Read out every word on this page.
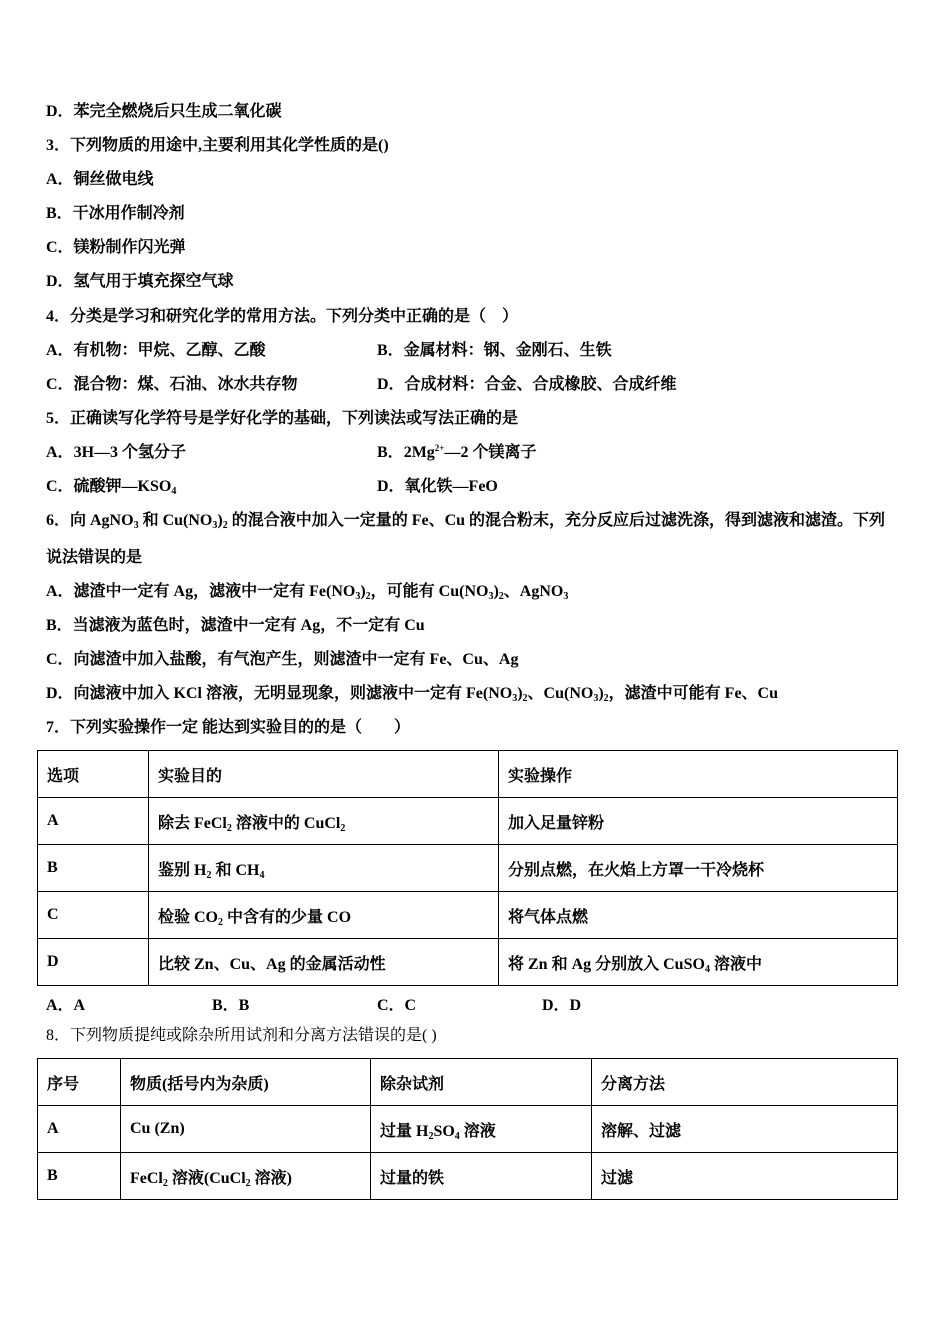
D．苯完全燃烧后只生成二氧化碳
3．下列物质的用途中,主要利用其化学性质的是()
A．铜丝做电线
B．干冰用作制冷剂
C．镁粉制作闪光弹
D．氢气用于填充探空气球
4．分类是学习和研究化学的常用方法。下列分类中正确的是（　）
A．有机物：甲烷、乙醇、乙酸	B．金属材料：钢、金刚石、生铁
C．混合物：煤、石油、冰水共存物	D．合成材料：合金、合成橡胶、合成纤维
5．正确读写化学符号是学好化学的基础，下列读法或写法正确的是
A．3H—3 个氢分子	B．$2Mg^{2+}—2$ 个镁离子
C．硫酸钾$—KSO_4$	D．氧化铁—FeO
6．向 AgNO$_3$ 和 $Cu(NO_3)_2$ 的混合液中加入一定量的 Fe、Cu 的混合粉末，充分反应后过滤洗涤，得到滤液和滤渣。下列
说法错误的是
A．滤渣中一定有 Ag，滤液中一定有 $Fe(NO_3)_2$，可能有 $Cu(NO_3)_2$、AgNO$_3$
B．当滤液为蓝色时，滤渣中一定有 Ag，不一定有 Cu
C．向滤渣中加入盐酸，有气泡产生，则滤渣中一定有 Fe、Cu、Ag
D．向滤液中加入 KCl 溶液，无明显现象，则滤液中一定有 $Fe(NO_3)_2$、$Cu(NO_3)_2$，滤渣中可能有 Fe、Cu
7．下列实验操作一定 能达到实验目的的是（　　）
选项	实验目的	实验操作
A	除去 FeCl$_2$ 溶液中的 CuCl$_2$	加入足量锌粉
B	鉴别 $H_2$ 和 $CH_4$	分别点燃，在火焰上方罩一干冷烧杯
C	检验 $CO_2$ 中含有的少量 CO	将气体点燃
D	比较 Zn、Cu、Ag 的金属活动性	将 Zn 和 Ag 分别放入 CuSO$_4$ 溶液中
A．A	B．B	C．C	D．D
8．下列物质提纯或除杂所用试剂和分离方法错误的是( )
序号	物质(括号内为杂质)	除杂试剂	分离方法
A	Cu (Zn)	过量 $H_2SO_4$ 溶液	溶解、过滤
B	FeCl$_2$ 溶液(CuCl$_2$ 溶液)	过量的铁	过滤
